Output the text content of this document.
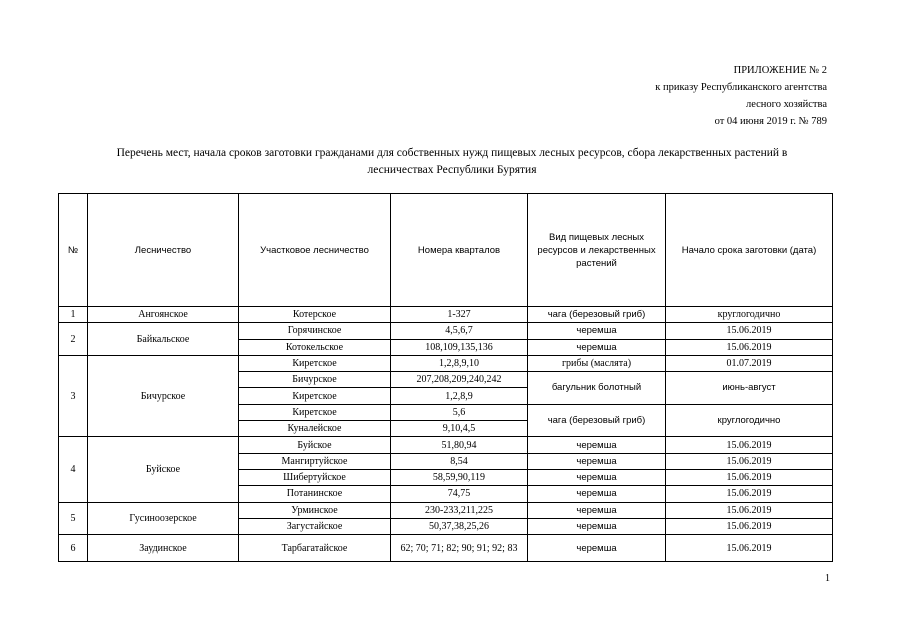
ПРИЛОЖЕНИЕ № 2
к приказу Республиканского агентства
лесного хозяйства
от 04 июня 2019 г. № 789
Перечень мест, начала сроков заготовки гражданами для собственных нужд пищевых лесных ресурсов, сбора лекарственных растений в
лесничествах Республики Бурятия
№	Лесничество	Участковое лесничество	Номера кварталов	Вид пищевых лесных ресурсов и лекарственных растений	Начало срока заготовки (дата)
1	Ангоянское	Котерское	1-327	чага (березовый гриб)	круглогодично
2	Байкальское	Горячинское	4,5,6,7	черемша	15.06.2019
		Котокельское	108,109,135,136	черемша	15.06.2019
3	Бичурское	Киретское	1,2,8,9,10	грибы (маслята)	01.07.2019
		Бичурское	207,208,209,240,242	багульник болотный	июнь-август
		Киретское	1,2,8,9		
		Киретское	5,6	чага (березовый гриб)	круглогодично
		Куналейское	9,10,4,5		
4	Буйское	Буйское	51,80,94	черемша	15.06.2019
		Мангиртуйское	8,54	черемша	15.06.2019
		Шибертуйское	58,59,90,119	черемша	15.06.2019
		Потанинское	74,75	черемша	15.06.2019
5	Гусиноозерское	Урминское	230-233,211,225	черемша	15.06.2019
		Загустайское	50,37,38,25,26	черемша	15.06.2019
6	Заудинское	Тарбагатайское	62; 70; 71; 82; 90; 91; 92; 83	черемша	15.06.2019
1
